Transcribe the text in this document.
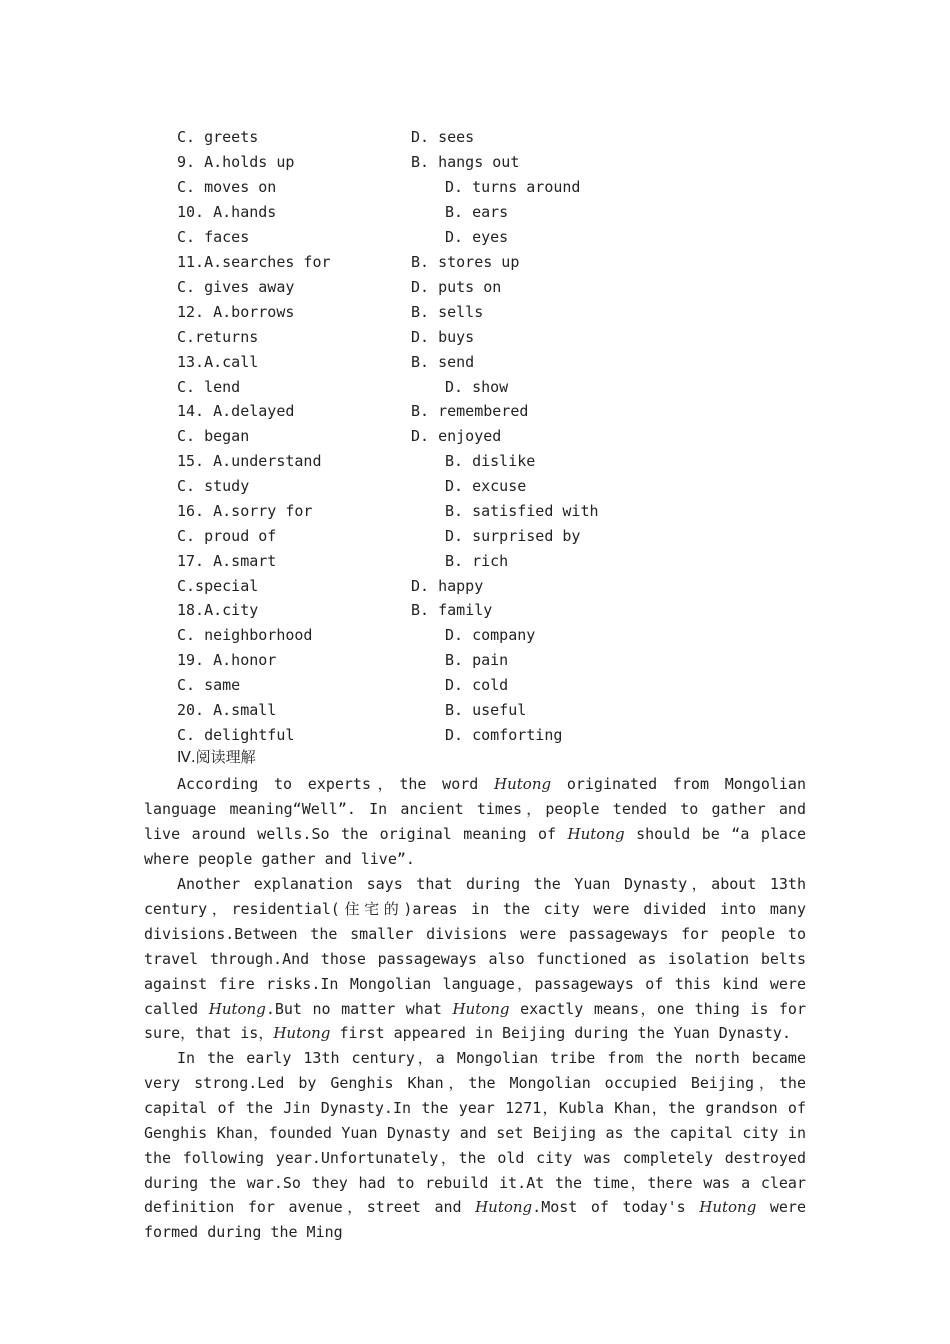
C. greets	D. sees
9. A.holds up	B. hangs out
C. moves on	D. turns around
10. A.hands	B. ears
C. faces	D. eyes
11.A.searches for	B. stores up
C. gives away	D. puts on
12. A.borrows	B. sells
C.returns	D. buys
13.A.call	B. send
C. lend	D. show
14. A.delayed	B. remembered
C. began	D. enjoyed
15. A.understand	B. dislike
C. study	D. excuse
16. A.sorry for	B. satisfied with
C. proud of	D. surprised by
17. A.smart	B. rich
C.special	D. happy
18.A.city	B. family
C. neighborhood	D. company
19. A.honor	B. pain
C. same	D. cold
20. A.small	B. useful
C. delightful	D. comforting
Ⅳ.阅读理解

According to experts，the word Hutong originated from Mongolian language meaning“Well”. In ancient times，people tended to gather and live around wells.So the original meaning of Hutong should be “a place where people gather and live”.

Another explanation says that during the Yuan Dynasty，about 13th century，residential(住宅的)areas in the city were divided into many divisions.Between the smaller divisions were passageways for people to travel through.And those passageways also functioned as isolation belts against fire risks.In Mongolian language，passageways of this kind were called Hutong.But no matter what Hutong exactly means，one thing is for sure，that is，Hutong first appeared in Beijing during the Yuan Dynasty.

In the early 13th century，a Mongolian tribe from the north became very strong.Led by Genghis Khan，the Mongolian occupied Beijing，the capital of the Jin Dynasty.In the year 1271，Kubla Khan，the grandson of Genghis Khan，founded Yuan Dynasty and set Beijing as the capital city in the following year.Unfortunately，the old city was completely destroyed during the war.So they had to rebuild it.At the time，there was a clear definition for avenue，street and Hutong.Most of today's Hutong were formed during the Ming
